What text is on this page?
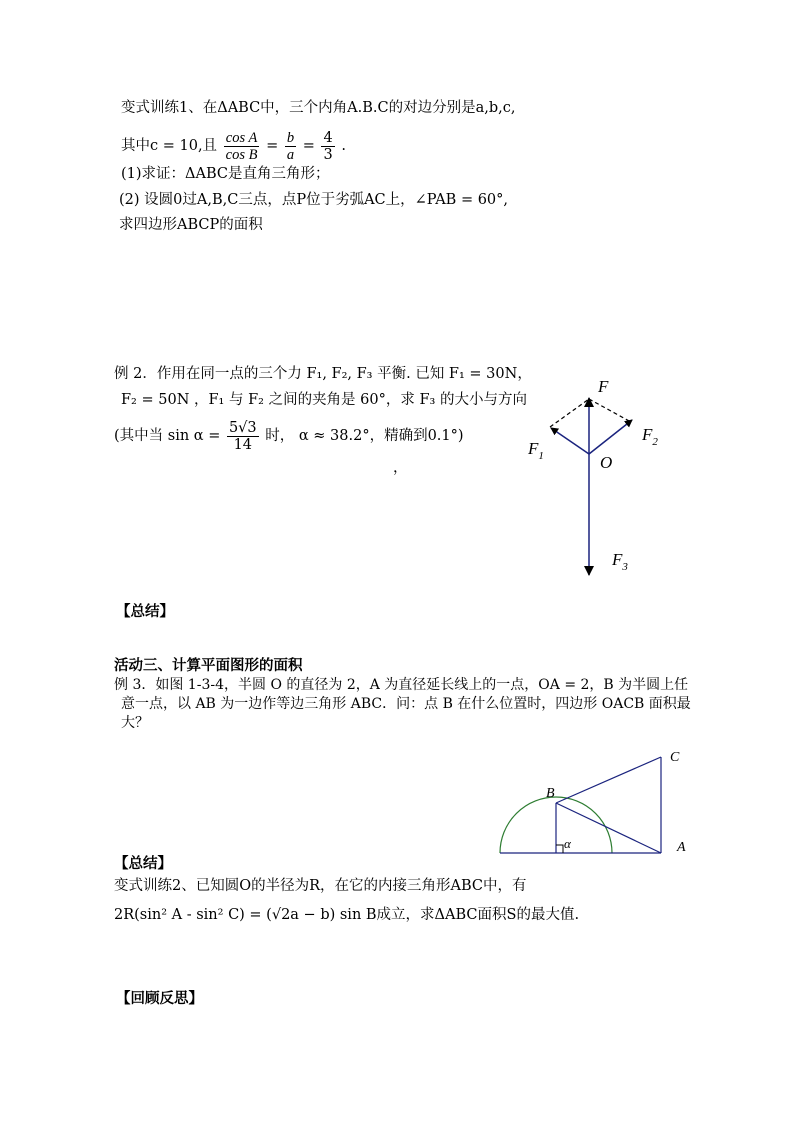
变式训练1、在ΔABC中，三个内角A.B.C的对边分别是a,b,c,
其中c = 10,且 $\frac{\text{cos A}}{\text{cos B}} = \frac{b}{a} = \frac{4}{3}$ .
(1)求证：ΔABC是直角三角形；
(2) 设圆0过A,B,C三点，点P位于劣弧AC上，∠PAB = 60°,
求四边形ABCP的面积
例 2．作用在同一点的三个力 F₁, F₂, F₃ 平衡. 已知 F₁ = 30N，
F₂ = 50N ，F₁ 与 F₂ 之间的夹角是 60°，求 F₃ 的大小与方向
(其中当 $\sin \alpha = \frac{5√3}{14}$ 时， α ≈ 38.2°，精确到0.1°)
，
F
$F_1$
$F_2$
$F_3$
O
【总结】
活动三、计算平面图形的面积
例 3．如图 1-3-4，半圆 O 的直径为 2，A 为直径延长线上的一点，OA = 2，B 为半圆上任
意一点，以 AB 为一边作等边三角形 ABC．问：点 B 在什么位置时，四边形 OACB 面积最
大？
α
B
C
A
【总结】
变式训练2、已知圆O的半径为R，在它的内接三角形ABC中，有
2R(sin² A - sin² C) = (√2a − b) sin B成立，求ΔABC面积S的最大值.
【回顾反思】
